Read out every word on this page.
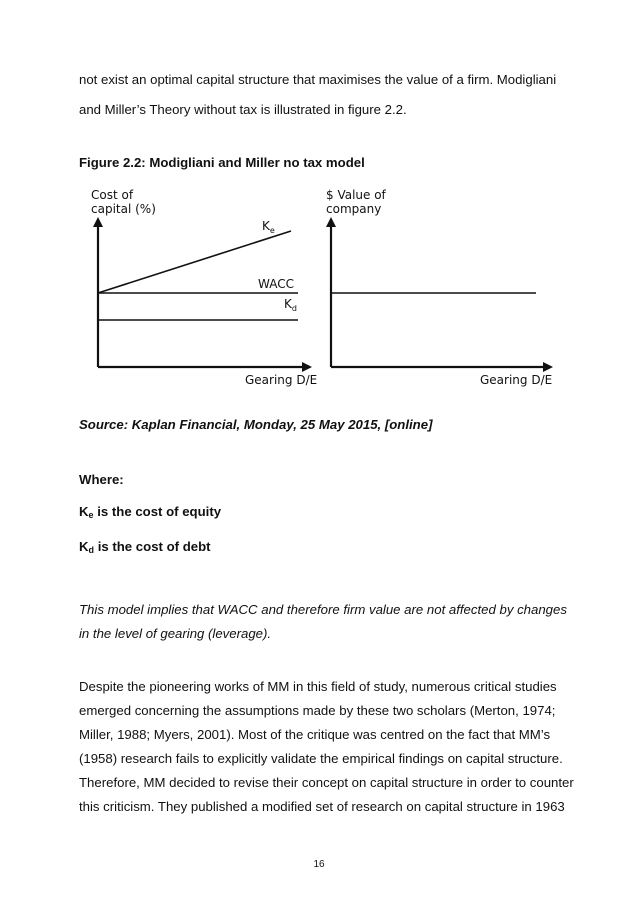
not exist an optimal capital structure that maximises the value of a firm. Modigliani
and Miller’s Theory without tax is illustrated in figure 2.2.
Figure 2.2: Modigliani and Miller no tax model
Cost of
capital (%)
$K_e$
WACC
$K_d$
Gearing D/E
$ Value of
company
Gearing D/E
Source: Kaplan Financial, Monday, 25 May 2015, [online]
Where:
$K_e$ is the cost of equity
$K_d$ is the cost of debt
This model implies that WACC and therefore firm value are not affected by changes
in the level of gearing (leverage).
Despite the pioneering works of MM in this field of study, numerous critical studies
emerged concerning the assumptions made by these two scholars (Merton, 1974;
Miller, 1988; Myers, 2001). Most of the critique was centred on the fact that MM’s
(1958) research fails to explicitly validate the empirical findings on capital structure.
Therefore, MM decided to revise their concept on capital structure in order to counter
this criticism. They published a modified set of research on capital structure in 1963
16
